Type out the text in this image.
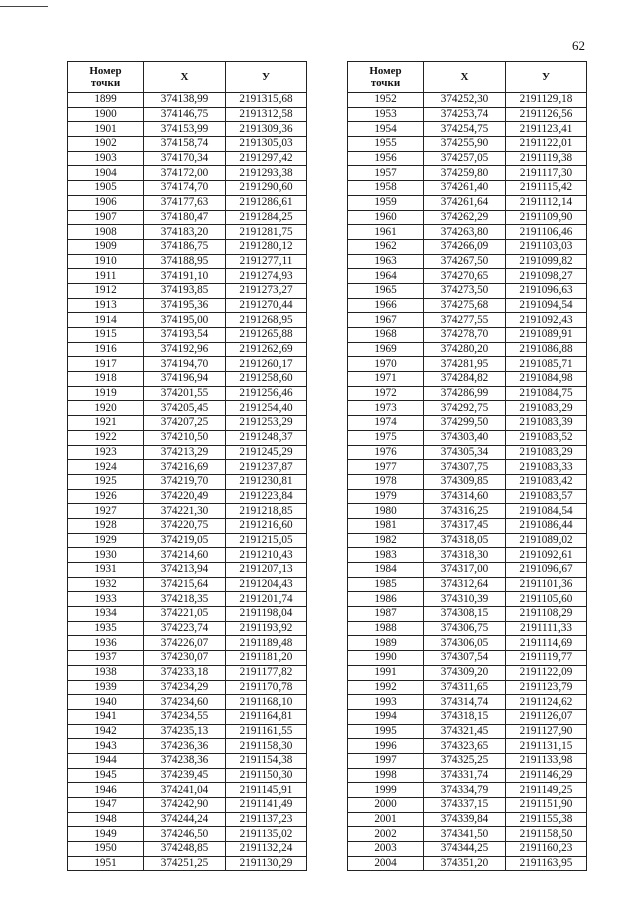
62
Номер
точки	X	У
1899	374138,99	2191315,68
1900	374146,75	2191312,58
1901	374153,99	2191309,36
1902	374158,74	2191305,03
1903	374170,34	2191297,42
1904	374172,00	2191293,38
1905	374174,70	2191290,60
1906	374177,63	2191286,61
1907	374180,47	2191284,25
1908	374183,20	2191281,75
1909	374186,75	2191280,12
1910	374188,95	2191277,11
1911	374191,10	2191274,93
1912	374193,85	2191273,27
1913	374195,36	2191270,44
1914	374195,00	2191268,95
1915	374193,54	2191265,88
1916	374192,96	2191262,69
1917	374194,70	2191260,17
1918	374196,94	2191258,60
1919	374201,55	2191256,46
1920	374205,45	2191254,40
1921	374207,25	2191253,29
1922	374210,50	2191248,37
1923	374213,29	2191245,29
1924	374216,69	2191237,87
1925	374219,70	2191230,81
1926	374220,49	2191223,84
1927	374221,30	2191218,85
1928	374220,75	2191216,60
1929	374219,05	2191215,05
1930	374214,60	2191210,43
1931	374213,94	2191207,13
1932	374215,64	2191204,43
1933	374218,35	2191201,74
1934	374221,05	2191198,04
1935	374223,74	2191193,92
1936	374226,07	2191189,48
1937	374230,07	2191181,20
1938	374233,18	2191177,82
1939	374234,29	2191170,78
1940	374234,60	2191168,10
1941	374234,55	2191164,81
1942	374235,13	2191161,55
1943	374236,36	2191158,30
1944	374238,36	2191154,38
1945	374239,45	2191150,30
1946	374241,04	2191145,91
1947	374242,90	2191141,49
1948	374244,24	2191137,23
1949	374246,50	2191135,02
1950	374248,85	2191132,24
1951	374251,25	2191130,29
Номер
точки	X	У
1952	374252,30	2191129,18
1953	374253,74	2191126,56
1954	374254,75	2191123,41
1955	374255,90	2191122,01
1956	374257,05	2191119,38
1957	374259,80	2191117,30
1958	374261,40	2191115,42
1959	374261,64	2191112,14
1960	374262,29	2191109,90
1961	374263,80	2191106,46
1962	374266,09	2191103,03
1963	374267,50	2191099,82
1964	374270,65	2191098,27
1965	374273,50	2191096,63
1966	374275,68	2191094,54
1967	374277,55	2191092,43
1968	374278,70	2191089,91
1969	374280,20	2191086,88
1970	374281,95	2191085,71
1971	374284,82	2191084,98
1972	374286,99	2191084,75
1973	374292,75	2191083,29
1974	374299,50	2191083,39
1975	374303,40	2191083,52
1976	374305,34	2191083,29
1977	374307,75	2191083,33
1978	374309,85	2191083,42
1979	374314,60	2191083,57
1980	374316,25	2191084,54
1981	374317,45	2191086,44
1982	374318,05	2191089,02
1983	374318,30	2191092,61
1984	374317,00	2191096,67
1985	374312,64	2191101,36
1986	374310,39	2191105,60
1987	374308,15	2191108,29
1988	374306,75	2191111,33
1989	374306,05	2191114,69
1990	374307,54	2191119,77
1991	374309,20	2191122,09
1992	374311,65	2191123,79
1993	374314,74	2191124,62
1994	374318,15	2191126,07
1995	374321,45	2191127,90
1996	374323,65	2191131,15
1997	374325,25	2191133,98
1998	374331,74	2191146,29
1999	374334,79	2191149,25
2000	374337,15	2191151,90
2001	374339,84	2191155,38
2002	374341,50	2191158,50
2003	374344,25	2191160,23
2004	374351,20	2191163,95
